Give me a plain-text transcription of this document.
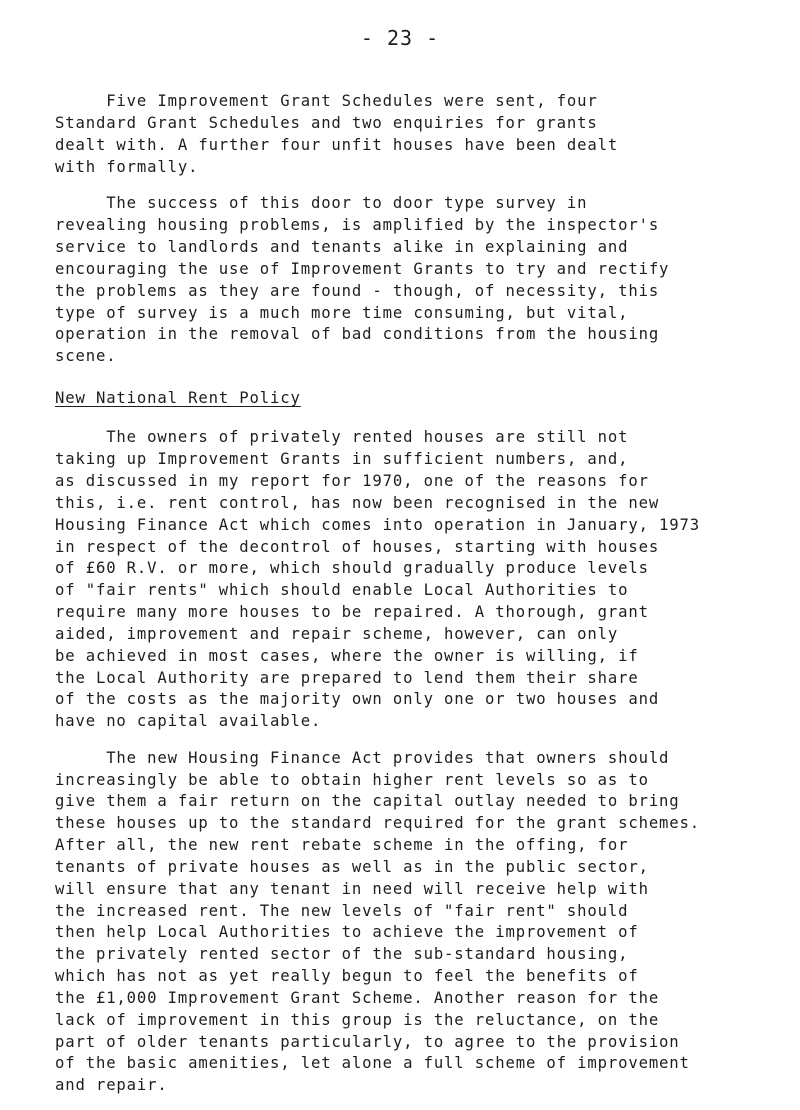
- 23 -
Five Improvement Grant Schedules were sent, four
Standard Grant Schedules and two enquiries for grants
dealt with. A further four unfit houses have been dealt
with formally.
The success of this door to door type survey in
revealing housing problems, is amplified by the inspector's
service to landlords and tenants alike in explaining and
encouraging the use of Improvement Grants to try and rectify
the problems as they are found - though, of necessity, this
type of survey is a much more time consuming, but vital,
operation in the removal of bad conditions from the housing
scene.
New National Rent Policy
The owners of privately rented houses are still not
taking up Improvement Grants in sufficient numbers, and,
as discussed in my report for 1970, one of the reasons for
this, i.e. rent control, has now been recognised in the new
Housing Finance Act which comes into operation in January, 1973
in respect of the decontrol of houses, starting with houses
of £60 R.V. or more, which should gradually produce levels
of "fair rents" which should enable Local Authorities to
require many more houses to be repaired. A thorough, grant
aided, improvement and repair scheme, however, can only
be achieved in most cases, where the owner is willing, if
the Local Authority are prepared to lend them their share
of the costs as the majority own only one or two houses and
have no capital available.
The new Housing Finance Act provides that owners should
increasingly be able to obtain higher rent levels so as to
give them a fair return on the capital outlay needed to bring
these houses up to the standard required for the grant schemes.
After all, the new rent rebate scheme in the offing, for
tenants of private houses as well as in the public sector,
will ensure that any tenant in need will receive help with
the increased rent. The new levels of "fair rent" should
then help Local Authorities to achieve the improvement of
the privately rented sector of the sub-standard housing,
which has not as yet really begun to feel the benefits of
the £1,000 Improvement Grant Scheme. Another reason for the
lack of improvement in this group is the reluctance, on the
part of older tenants particularly, to agree to the provision
of the basic amenities, let alone a full scheme of improvement
and repair.
